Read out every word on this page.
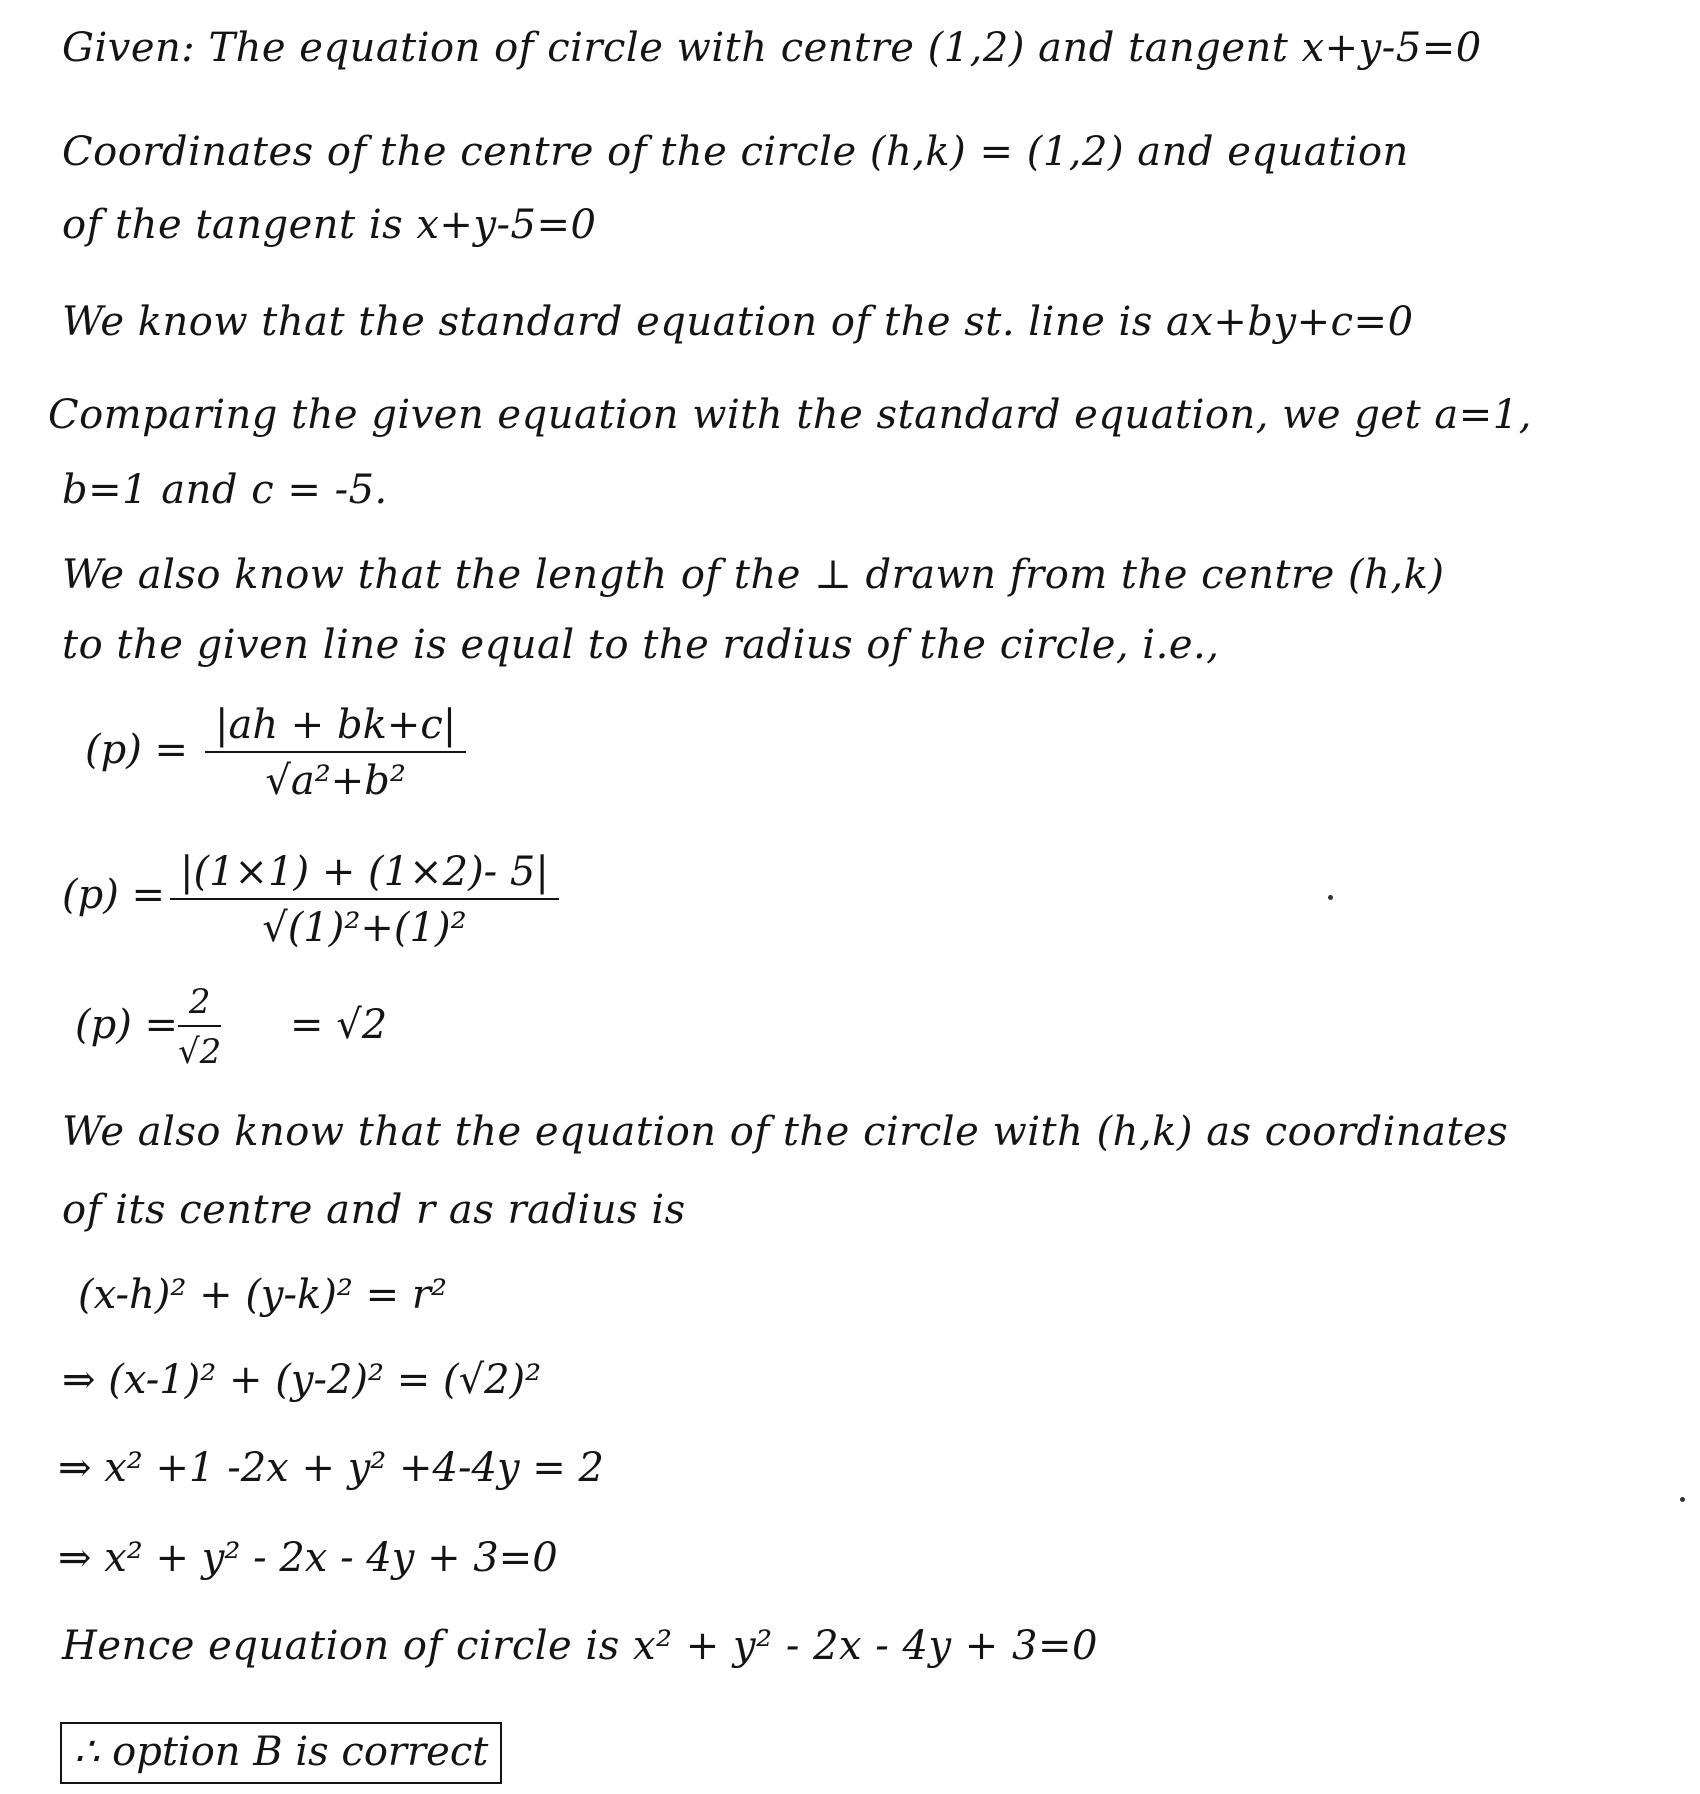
Given: The equation of circle with centre (1,2) and tangent x+y-5=0
Coordinates of the centre of the circle (h,k) = (1,2) and equation
of the tangent is x+y-5=0
We know that the standard equation of the st. line is ax+by+c=0
Comparing the given equation with the standard equation, we get a=1,
b=1 and c = -5.
We also know that the length of the ⊥ drawn from the centre (h,k)
to the given line is equal to the radius of the circle, i.e.,
$(p) = \frac{|ah + bk+c|}{\text{√a²+b²}}$
$(p) = \frac{|(1\times 1) + (1\times 2)- 5|}{\text{√(1)²+(1)²}}$
$(p) = \frac{2}{√2} = √2$
We also know that the equation of the circle with (h,k) as coordinates
of its centre and r as radius is
(x-h)² + (y-k)² = r²
⇒ (x-1)² + (y-2)² = (√2)²
⇒ x² +1 -2x + y² +4-4y = 2
⇒ x² + y² - 2x - 4y + 3=0
Hence equation of circle is x² + y² - 2x - 4y + 3=0
∴ option B is correct
